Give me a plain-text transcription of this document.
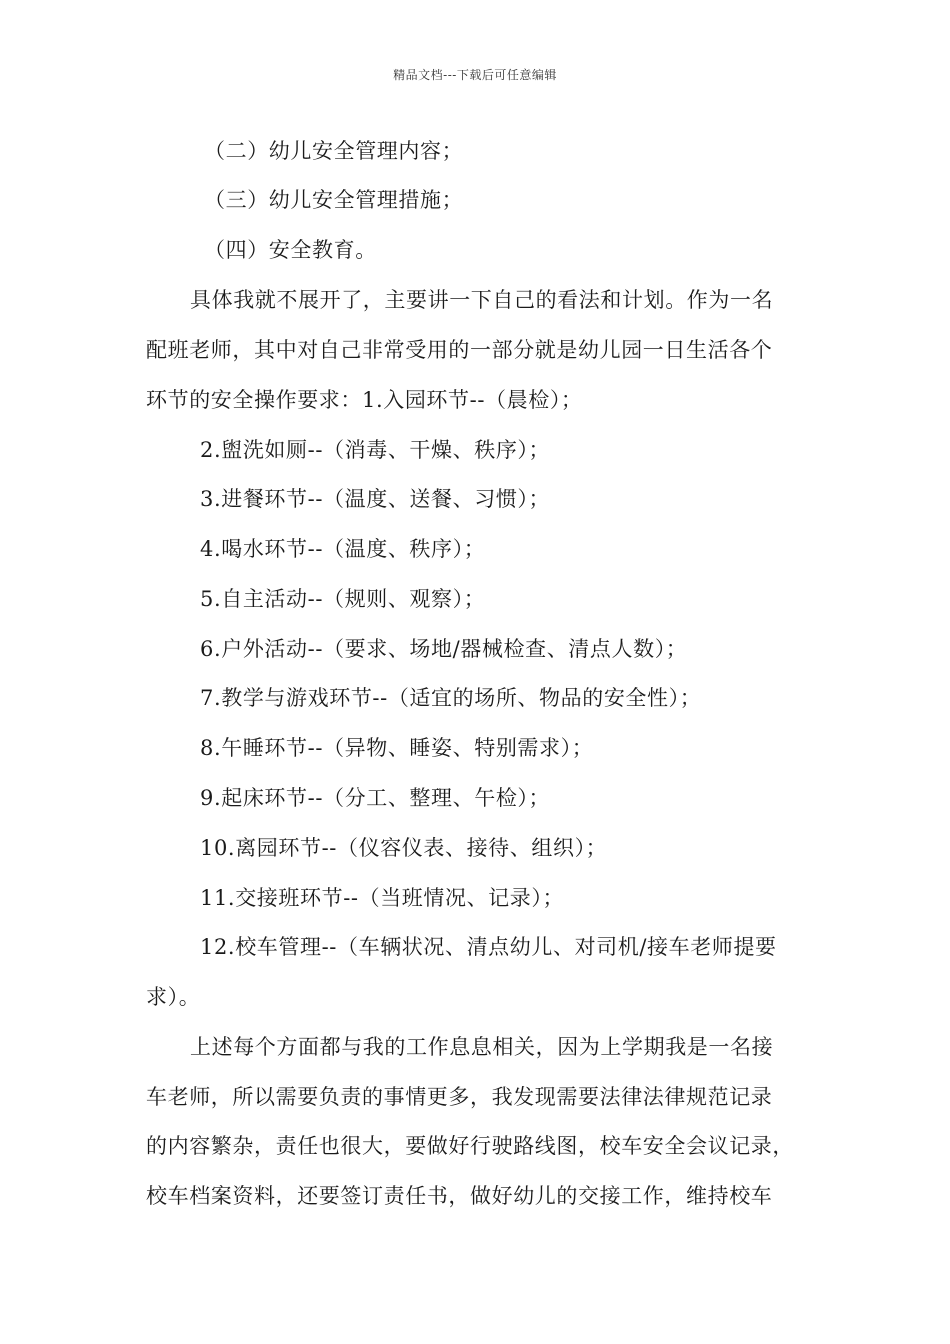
精品文档---下载后可任意编辑
（二）幼儿安全管理内容；
（三）幼儿安全管理措施；
（四）安全教育。
具体我就不展开了，主要讲一下自己的看法和计划。作为一名
配班老师，其中对自己非常受用的一部分就是幼儿园一日生活各个
环节的安全操作要求：1.入园环节--（晨检）；
2.盥洗如厕--（消毒、干燥、秩序）；
3.进餐环节--（温度、送餐、习惯）；
4.喝水环节--（温度、秩序）；
5.自主活动--（规则、观察）；
6.户外活动--（要求、场地/器械检查、清点人数）；
7.教学与游戏环节--（适宜的场所、物品的安全性）；
8.午睡环节--（异物、睡姿、特别需求）；
9.起床环节--（分工、整理、午检）；
10.离园环节--（仪容仪表、接待、组织）；
11.交接班环节--（当班情况、记录）；
12.校车管理--（车辆状况、清点幼儿、对司机/接车老师提要
求）。
上述每个方面都与我的工作息息相关，因为上学期我是一名接
车老师，所以需要负责的事情更多，我发现需要法律法律规范记录
的内容繁杂，责任也很大，要做好行驶路线图，校车安全会议记录，
校车档案资料，还要签订责任书，做好幼儿的交接工作，维持校车
